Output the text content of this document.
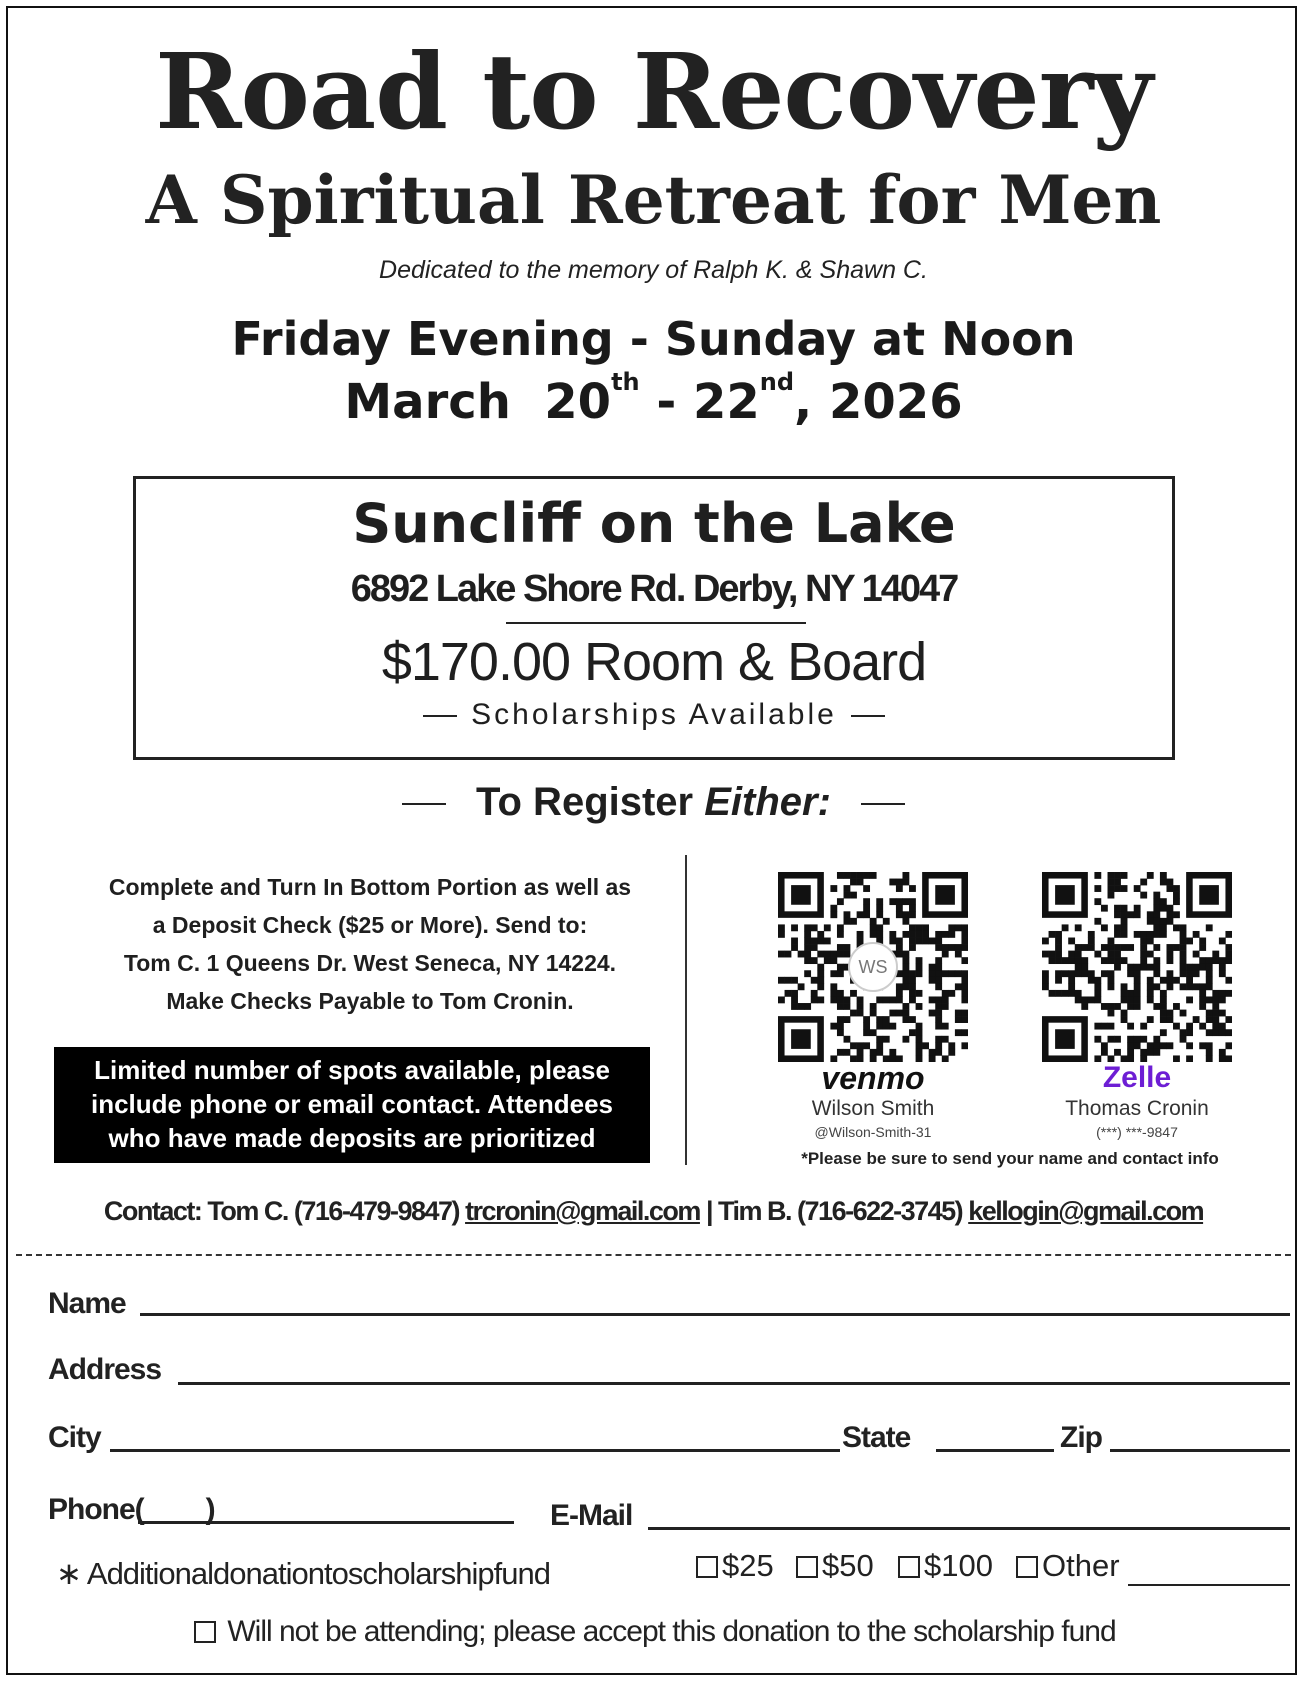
Road to Recovery
A Spiritual Retreat for Men
Dedicated to the memory of Ralph K. & Shawn C.
Friday Evening - Sunday at Noon
March 20th - 22nd, 2026
Suncliff on the Lake
6892 Lake Shore Rd. Derby, NY 14047
$170.00 Room & Board
Scholarships Available
To Register Either:
Complete and Turn In Bottom Portion as well as
a Deposit Check ($25 or More). Send to:
Tom C. 1 Queens Dr. West Seneca, NY 14224.
Make Checks Payable to Tom Cronin.
Limited number of spots available, please
include phone or email contact. Attendees
who have made deposits are prioritized
WS
venmo	Zelle
Wilson Smith
@Wilson-Smith-31
Thomas Cronin
(***) ***-9847
*Please be sure to send your name and contact info
Contact: Tom C. (716-479-9847) trcronin@gmail.com | Tim B. (716-622-3745) kellogin@gmail.com
Name
Address
City	State	Zip
Phone( )	E-Mail
∗ Additionaldonationtoscholarshipfund	$25	$50	$100	Other
Will not be attending; please accept this donation to the scholarship fund
